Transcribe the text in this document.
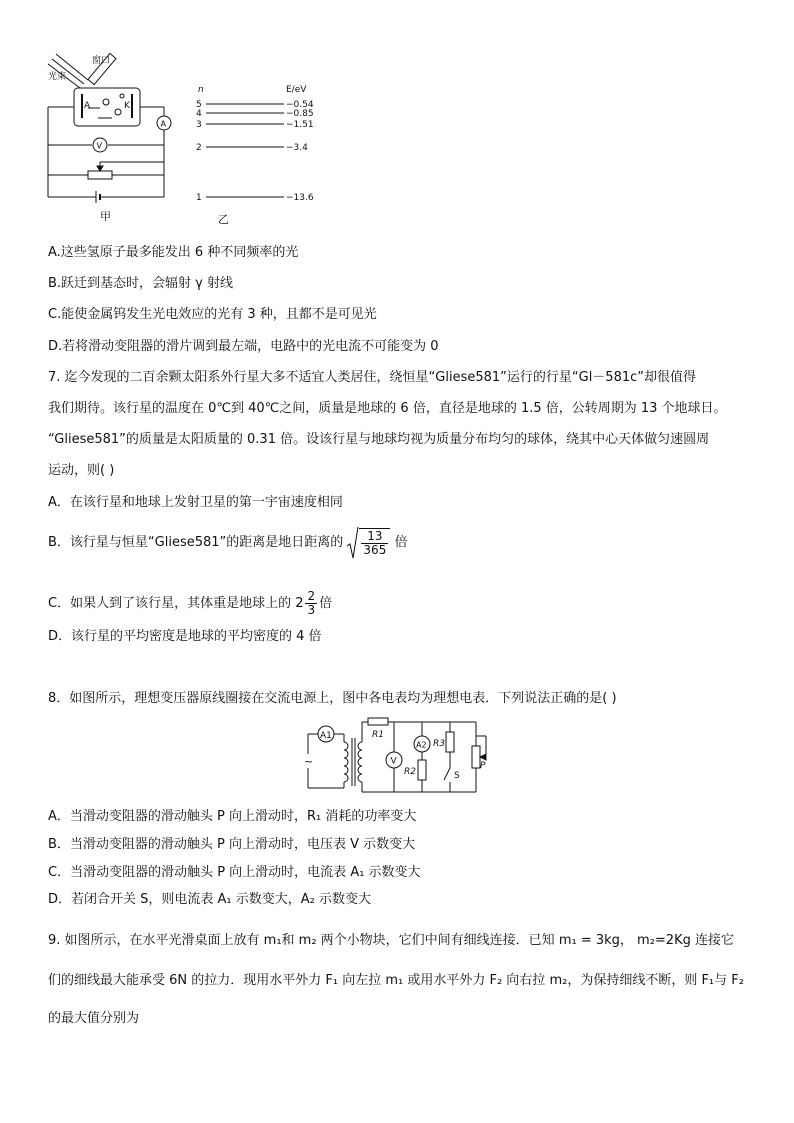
光束
窗口
A	K
A
V
甲
n	E/eV
5	−0.54
4	−0.85
3	−1.51
2	−3.4
1	−13.6
乙
A.这些氢原子最多能发出 6 种不同频率的光
B.跃迁到基态时，会辐射 γ 射线
C.能使金属钨发生光电效应的光有 3 种，且都不是可见光
D.若将滑动变阻器的滑片调到最左端，电路中的光电流不可能变为 0
7. 迄今发现的二百余颗太阳系外行星大多不适宜人类居住，绕恒星“Gliese581”运行的行星“Gl－581c”却很值得
我们期待。该行星的温度在 0℃到 40℃之间，质量是地球的 6 倍，直径是地球的 1.5 倍，公转周期为 13 个地球日。
“Gliese581”的质量是太阳质量的 0.31 倍。设该行星与地球均视为质量分布均匀的球体，绕其中心天体做匀速圆周
运动，则( )
A．在该行星和地球上发射卫星的第一宇宙速度相同
B．该行星与恒星“Gliese581”的距离是地日距离的 $\frac{13}{365}$ 倍
C．如果人到了该行星，其体重是地球上的 $2 \frac{2}{3}$ 倍
D．该行星的平均密度是地球的平均密度的 4 倍
8．如图所示，理想变压器原线圈接在交流电源上，图中各电表均为理想电表．下列说法正确的是( )
A1
~
R1
V
A2
R2
R3
S
P
A．当滑动变阻器的滑动触头 P 向上滑动时，R₁ 消耗的功率变大
B．当滑动变阻器的滑动触头 P 向上滑动时，电压表 V 示数变大
C．当滑动变阻器的滑动触头 P 向上滑动时，电流表 A₁ 示数变大
D．若闭合开关 S，则电流表 A₁ 示数变大，A₂ 示数变大
9. 如图所示，在水平光滑桌面上放有 m₁和 m₂ 两个小物块，它们中间有细线连接．已知 m₁ = 3kg， m₂=2Kg 连接它
们的细线最大能承受 6N 的拉力．现用水平外力 F₁ 向左拉 m₁ 或用水平外力 F₂ 向右拉 m₂，为保持细线不断，则 F₁与 F₂
的最大值分别为
